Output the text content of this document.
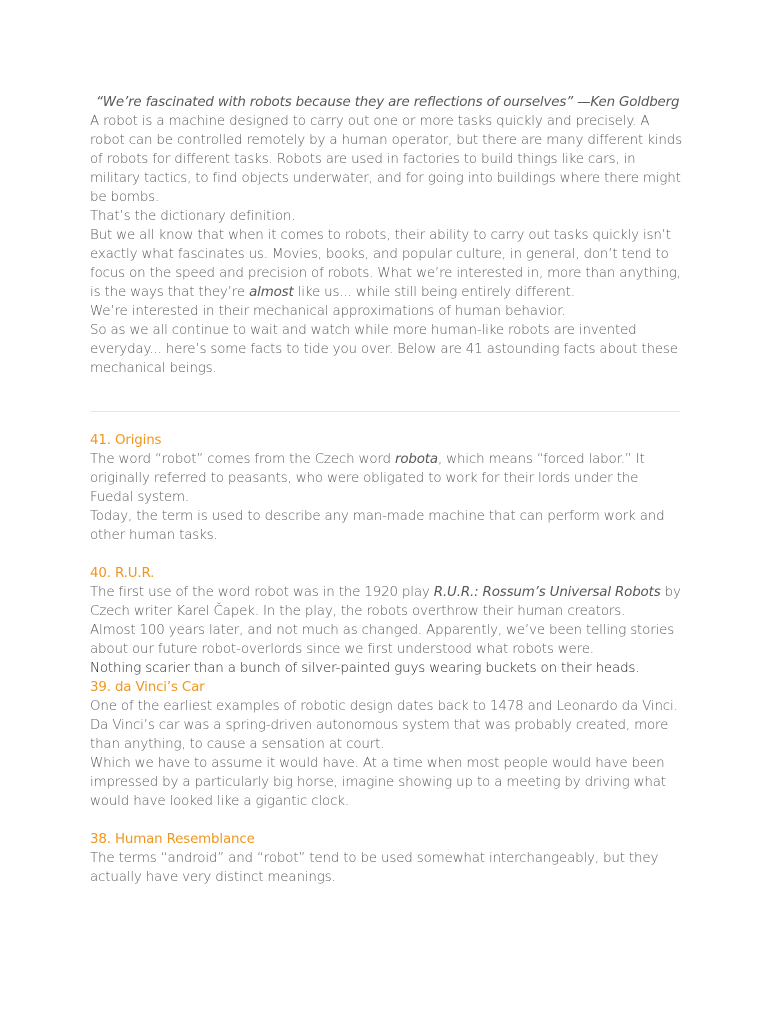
“We’re fascinated with robots because they are reflections of ourselves” —Ken Goldberg

A robot is a machine designed to carry out one or more tasks quickly and precisely. A robot can be controlled remotely by a human operator, but there are many different kinds of robots for different tasks. Robots are used in factories to build things like cars, in military tactics, to find objects underwater, and for going into buildings where there might be bombs.

That’s the dictionary definition.

But we all know that when it comes to robots, their ability to carry out tasks quickly isn’t exactly what fascinates us. Movies, books, and popular culture, in general, don’t tend to focus on the speed and precision of robots. What we’re interested in, more than anything, is the ways that they’re almost like us... while still being entirely different.

We’re interested in their mechanical approximations of human behavior.

So as we all continue to wait and watch while more human-like robots are invented everyday... here’s some facts to tide you over. Below are 41 astounding facts about these mechanical beings.

41. Origins

The word “robot” comes from the Czech word robota, which means “forced labor.” It originally referred to peasants, who were obligated to work for their lords under the Fuedal system.

Today, the term is used to describe any man-made machine that can perform work and other human tasks.

40. R.U.R.

The first use of the word robot was in the 1920 play R.U.R.: Rossum’s Universal Robots by Czech writer Karel Čapek. In the play, the robots overthrow their human creators.

Almost 100 years later, and not much as changed. Apparently, we’ve been telling stories about our future robot-overlords since we first understood what robots were.

Nothing scarier than a bunch of silver-painted guys wearing buckets on their heads.

39. da Vinci’s Car

One of the earliest examples of robotic design dates back to 1478 and Leonardo da Vinci.

Da Vinci’s car was a spring-driven autonomous system that was probably created, more than anything, to cause a sensation at court.

Which we have to assume it would have. At a time when most people would have been impressed by a particularly big horse, imagine showing up to a meeting by driving what would have looked like a gigantic clock.

38. Human Resemblance

The terms “android” and “robot” tend to be used somewhat interchangeably, but they actually have very distinct meanings.
